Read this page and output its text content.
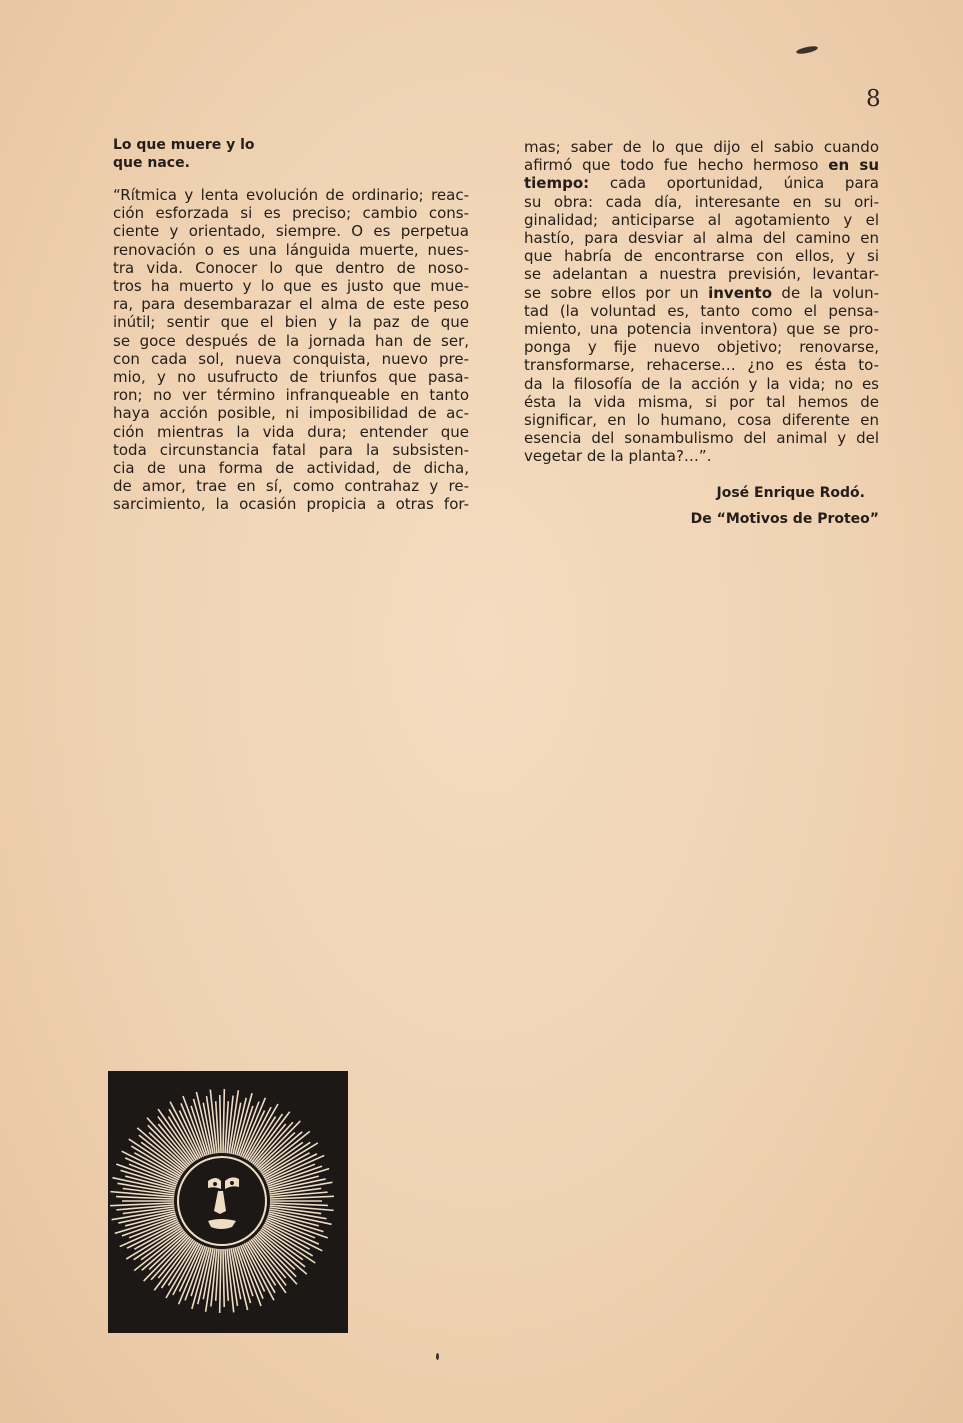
8
Lo que muere y lo
que nace.
“Rítmica y lenta evolución de ordinario; reac-
ción esforzada si es preciso; cambio cons-
ciente y orientado, siempre. O es perpetua
renovación o es una lánguida muerte, nues-
tra vida. Conocer lo que dentro de noso-
tros ha muerto y lo que es justo que mue-
ra, para desembarazar el alma de este peso
inútil; sentir que el bien y la paz de que
se goce después de la jornada han de ser,
con cada sol, nueva conquista, nuevo pre-
mio, y no usufructo de triunfos que pasa-
ron; no ver término infranqueable en tanto
haya acción posible, ni imposibilidad de ac-
ción mientras la vida dura; entender que
toda circunstancia fatal para la subsisten-
cia de una forma de actividad, de dicha,
de amor, trae en sí, como contrahaz y re-
sarcimiento, la ocasión propicia a otras for-
mas; saber de lo que dijo el sabio cuando
afirmó que todo fue hecho hermoso en su
tiempo: cada oportunidad, única para
su obra: cada día, interesante en su ori-
ginalidad; anticiparse al agotamiento y el
hastío, para desviar al alma del camino en
que habría de encontrarse con ellos, y si
se adelantan a nuestra previsión, levantar-
se sobre ellos por un invento de la volun-
tad (la voluntad es, tanto como el pensa-
miento, una potencia inventora) que se pro-
ponga y fije nuevo objetivo; renovarse,
transformarse, rehacerse… ¿no es ésta to-
da la filosofía de la acción y la vida; no es
ésta la vida misma, si por tal hemos de
significar, en lo humano, cosa diferente en
esencia del sonambulismo del animal y del
vegetar de la planta?…”.
José Enrique Rodó.
De “Motivos de Proteo”
